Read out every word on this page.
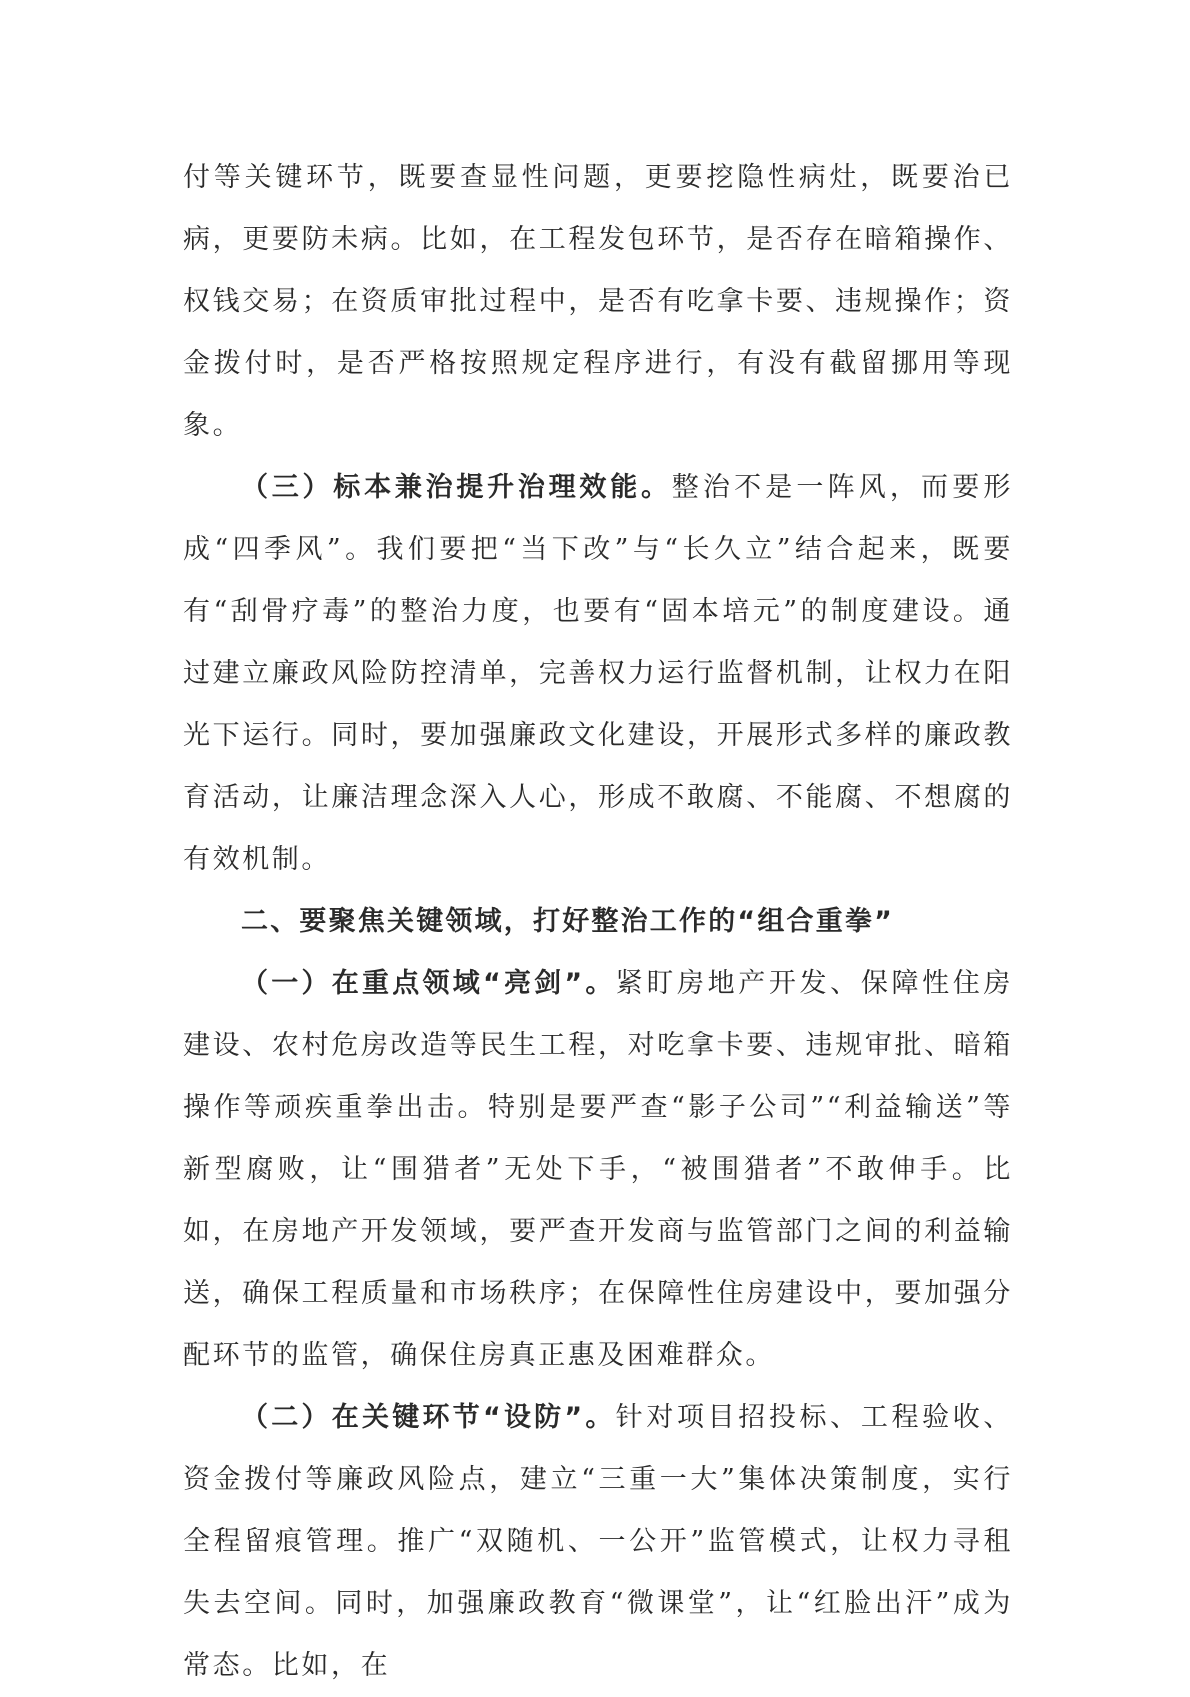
付等关键环节，既要查显性问题，更要挖隐性病灶，既要治已病，更要防未病。比如，在工程发包环节，是否存在暗箱操作、权钱交易；在资质审批过程中，是否有吃拿卡要、违规操作；资金拨付时，是否严格按照规定程序进行，有没有截留挪用等现象。

（三）标本兼治提升治理效能。整治不是一阵风，而要形成“四季风”。我们要把“当下改”与“长久立”结合起来，既要有“刮骨疗毒”的整治力度，也要有“固本培元”的制度建设。通过建立廉政风险防控清单，完善权力运行监督机制，让权力在阳光下运行。同时，要加强廉政文化建设，开展形式多样的廉政教育活动，让廉洁理念深入人心，形成不敢腐、不能腐、不想腐的有效机制。

二、要聚焦关键领域，打好整治工作的“组合重拳”

（一）在重点领域“亮剑”。紧盯房地产开发、保障性住房建设、农村危房改造等民生工程，对吃拿卡要、违规审批、暗箱操作等顽疾重拳出击。特别是要严查“影子公司”“利益输送”等新型腐败，让“围猎者”无处下手，“被围猎者”不敢伸手。比如，在房地产开发领域，要严查开发商与监管部门之间的利益输送，确保工程质量和市场秩序；在保障性住房建设中，要加强分配环节的监管，确保住房真正惠及困难群众。

（二）在关键环节“设防”。针对项目招投标、工程验收、资金拨付等廉政风险点，建立“三重一大”集体决策制度，实行全程留痕管理。推广“双随机、一公开”监管模式，让权力寻租失去空间。同时，加强廉政教育“微课堂”，让“红脸出汗”成为常态。比如，在
